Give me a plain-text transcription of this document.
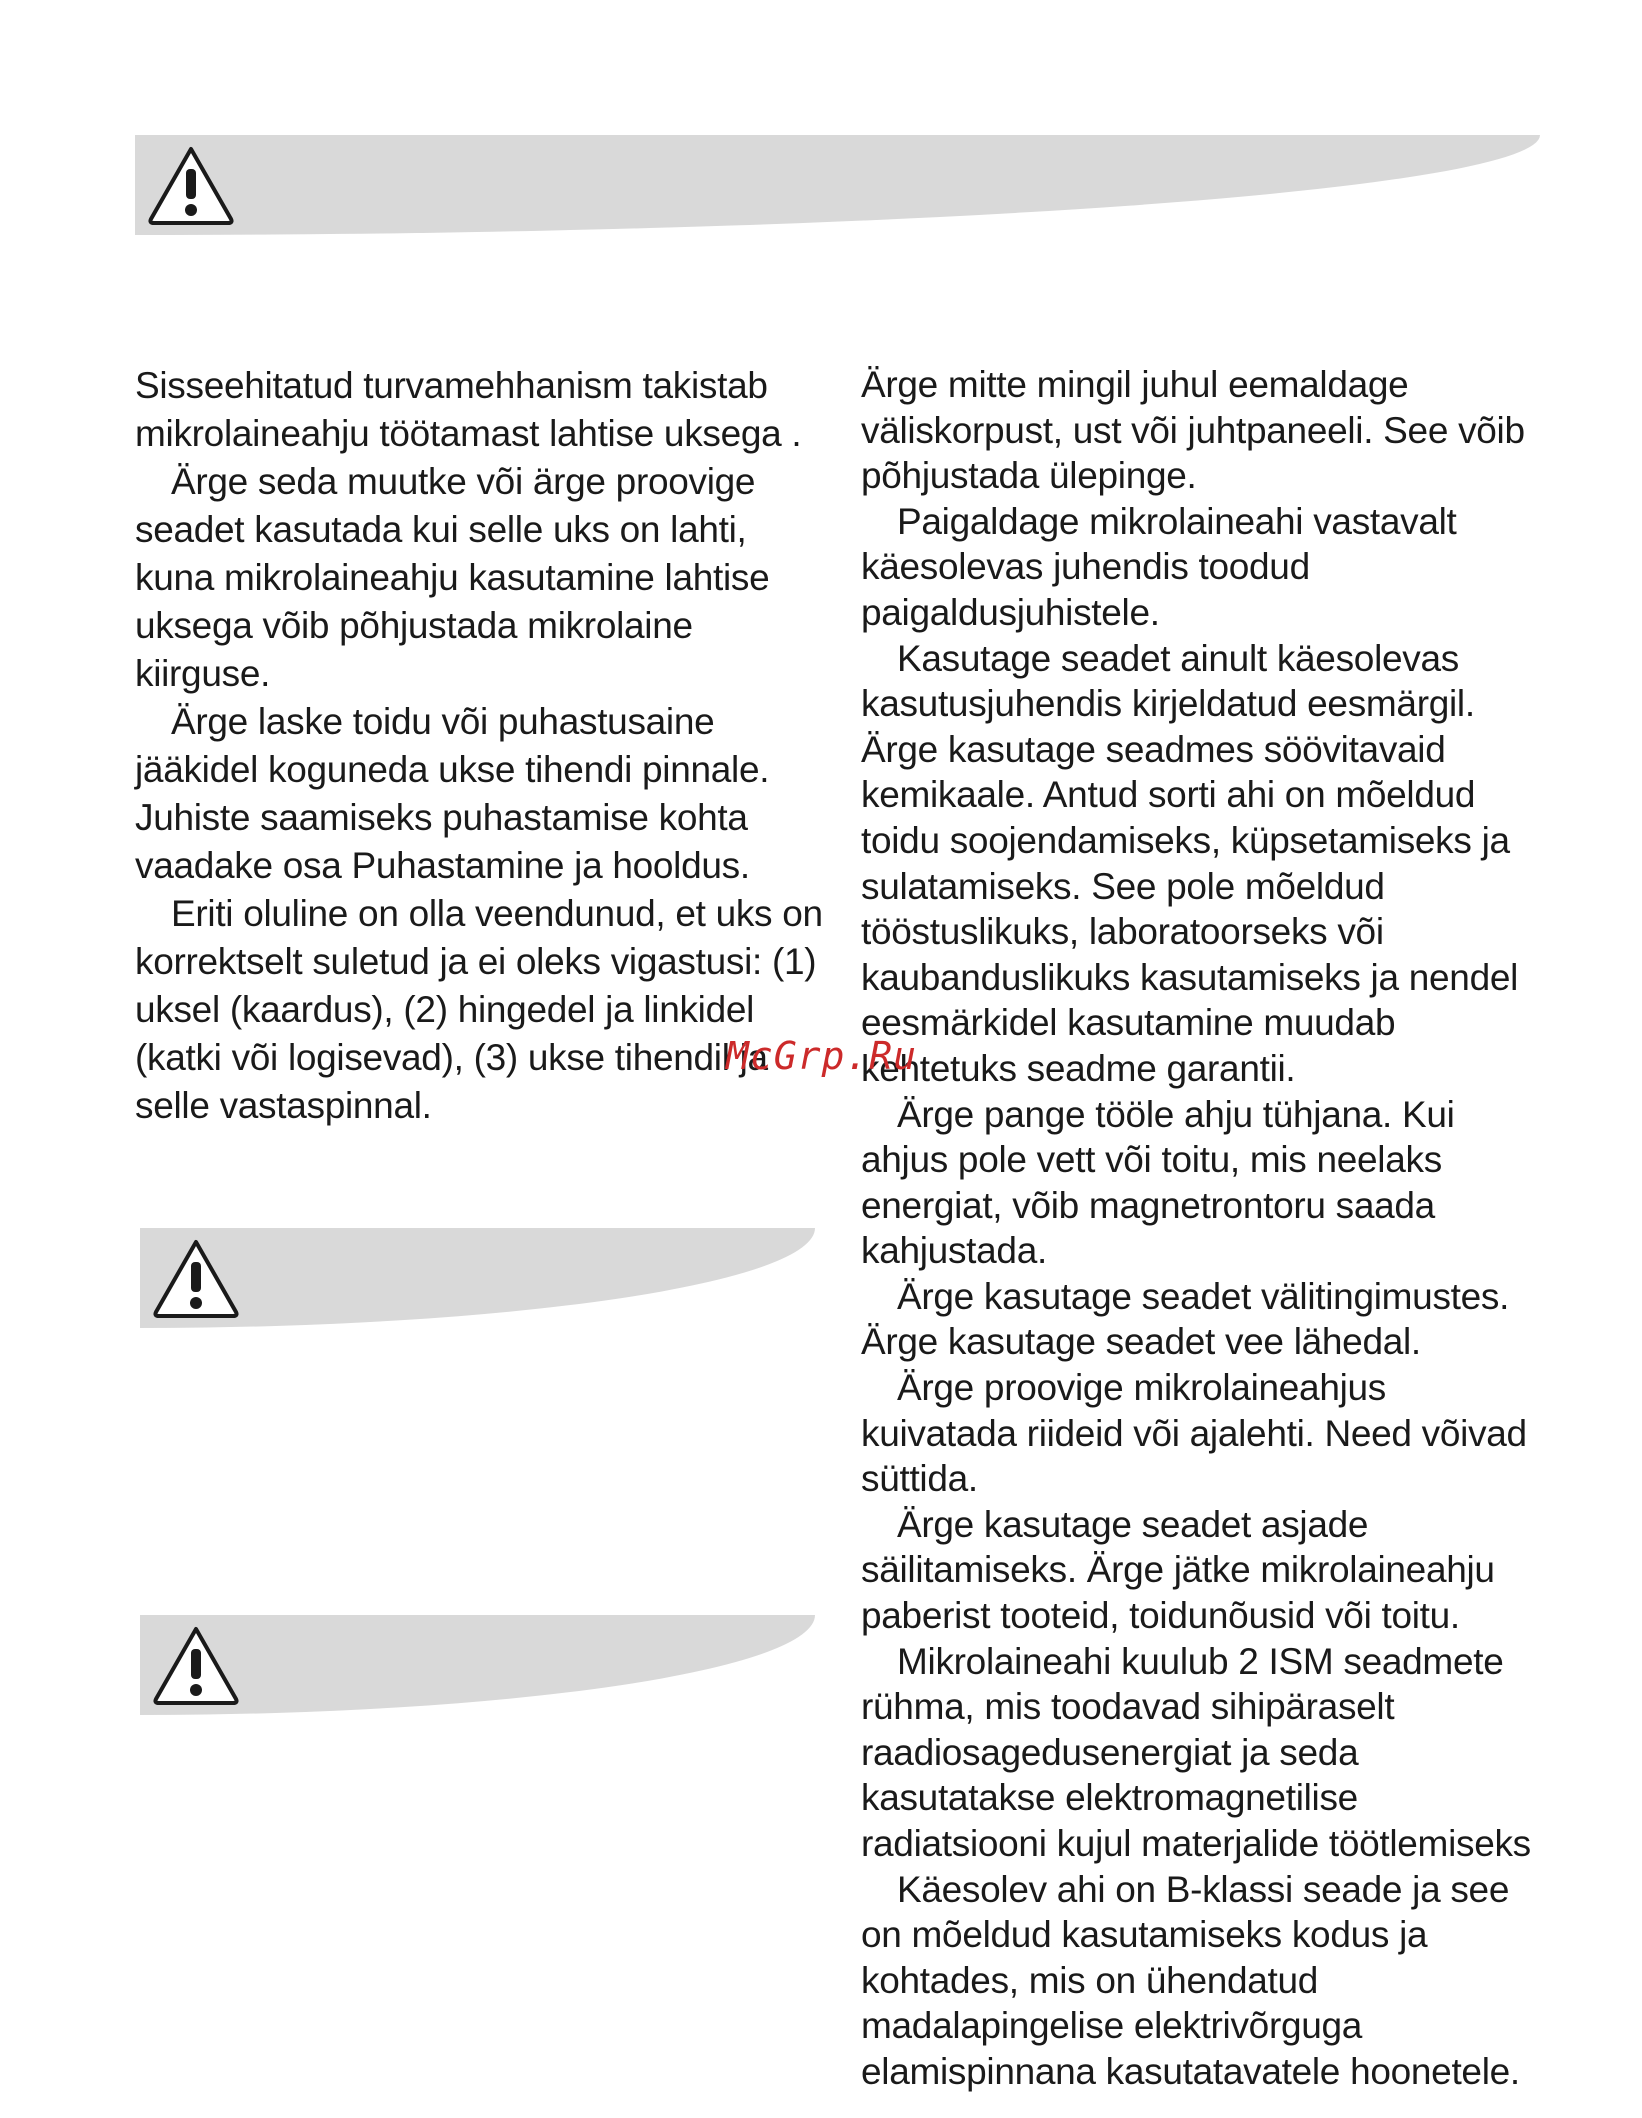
Sisseehitatud turvamehhanism takistab mikrolaineahju töötamast lahtise uksega .

Ärge seda muutke või ärge proovige seadet kasutada kui selle uks on lahti, kuna mikrolaineahju kasutamine lahtise uksega võib põhjustada mikrolaine kiirguse.

Ärge laske toidu või puhastusaine jääkidel koguneda ukse tihendi pinnale. Juhiste saamiseks puhastamise kohta vaadake osa Puhastamine ja hooldus.

Eriti oluline on olla veendunud, et uks on korrektselt suletud ja ei oleks vigastusi: (1) uksel (kaardus), (2) hingedel ja linkidel (katki või logisevad), (3) ukse tihendil ja selle vastaspinnal.

Ärge mitte mingil juhul eemaldage väliskorpust, ust või juhtpaneeli. See võib põhjustada ülepinge.

Paigaldage mikrolaineahi vastavalt käesolevas juhendis toodud paigaldusjuhistele.

Kasutage seadet ainult käesolevas kasutusjuhendis kirjeldatud eesmärgil. Ärge kasutage seadmes söövitavaid kemikaale. Antud sorti ahi on mõeldud toidu soojendamiseks, küpsetamiseks ja sulatamiseks. See pole mõeldud tööstuslikuks, laboratoorseks või kaubanduslikuks kasutamiseks ja nendel eesmärkidel kasutamine muudab kehtetuks seadme garantii.

Ärge pange tööle ahju tühjana. Kui ahjus pole vett või toitu, mis neelaks energiat, võib magnetrontoru saada kahjustada.

Ärge kasutage seadet välitingimustes. Ärge kasutage seadet vee lähedal.

Ärge proovige mikrolaineahjus kuivatada riideid või ajalehti. Need võivad süttida.

Ärge kasutage seadet asjade säilitamiseks. Ärge jätke mikrolaineahju paberist tooteid, toidunõusid või toitu.

Mikrolaineahi kuulub 2 ISM seadmete rühma, mis toodavad sihipäraselt raadiosagedusenergiat ja seda kasutatakse elektromagnetilise radiatsiooni kujul materjalide töötlemiseks

Käesolev ahi on B-klassi seade ja see on mõeldud kasutamiseks kodus ja kohtades, mis on ühendatud madalapingelise elektrivõrguga elamispinnana kasutatavatele hoonetele.

McGrp.Ru
